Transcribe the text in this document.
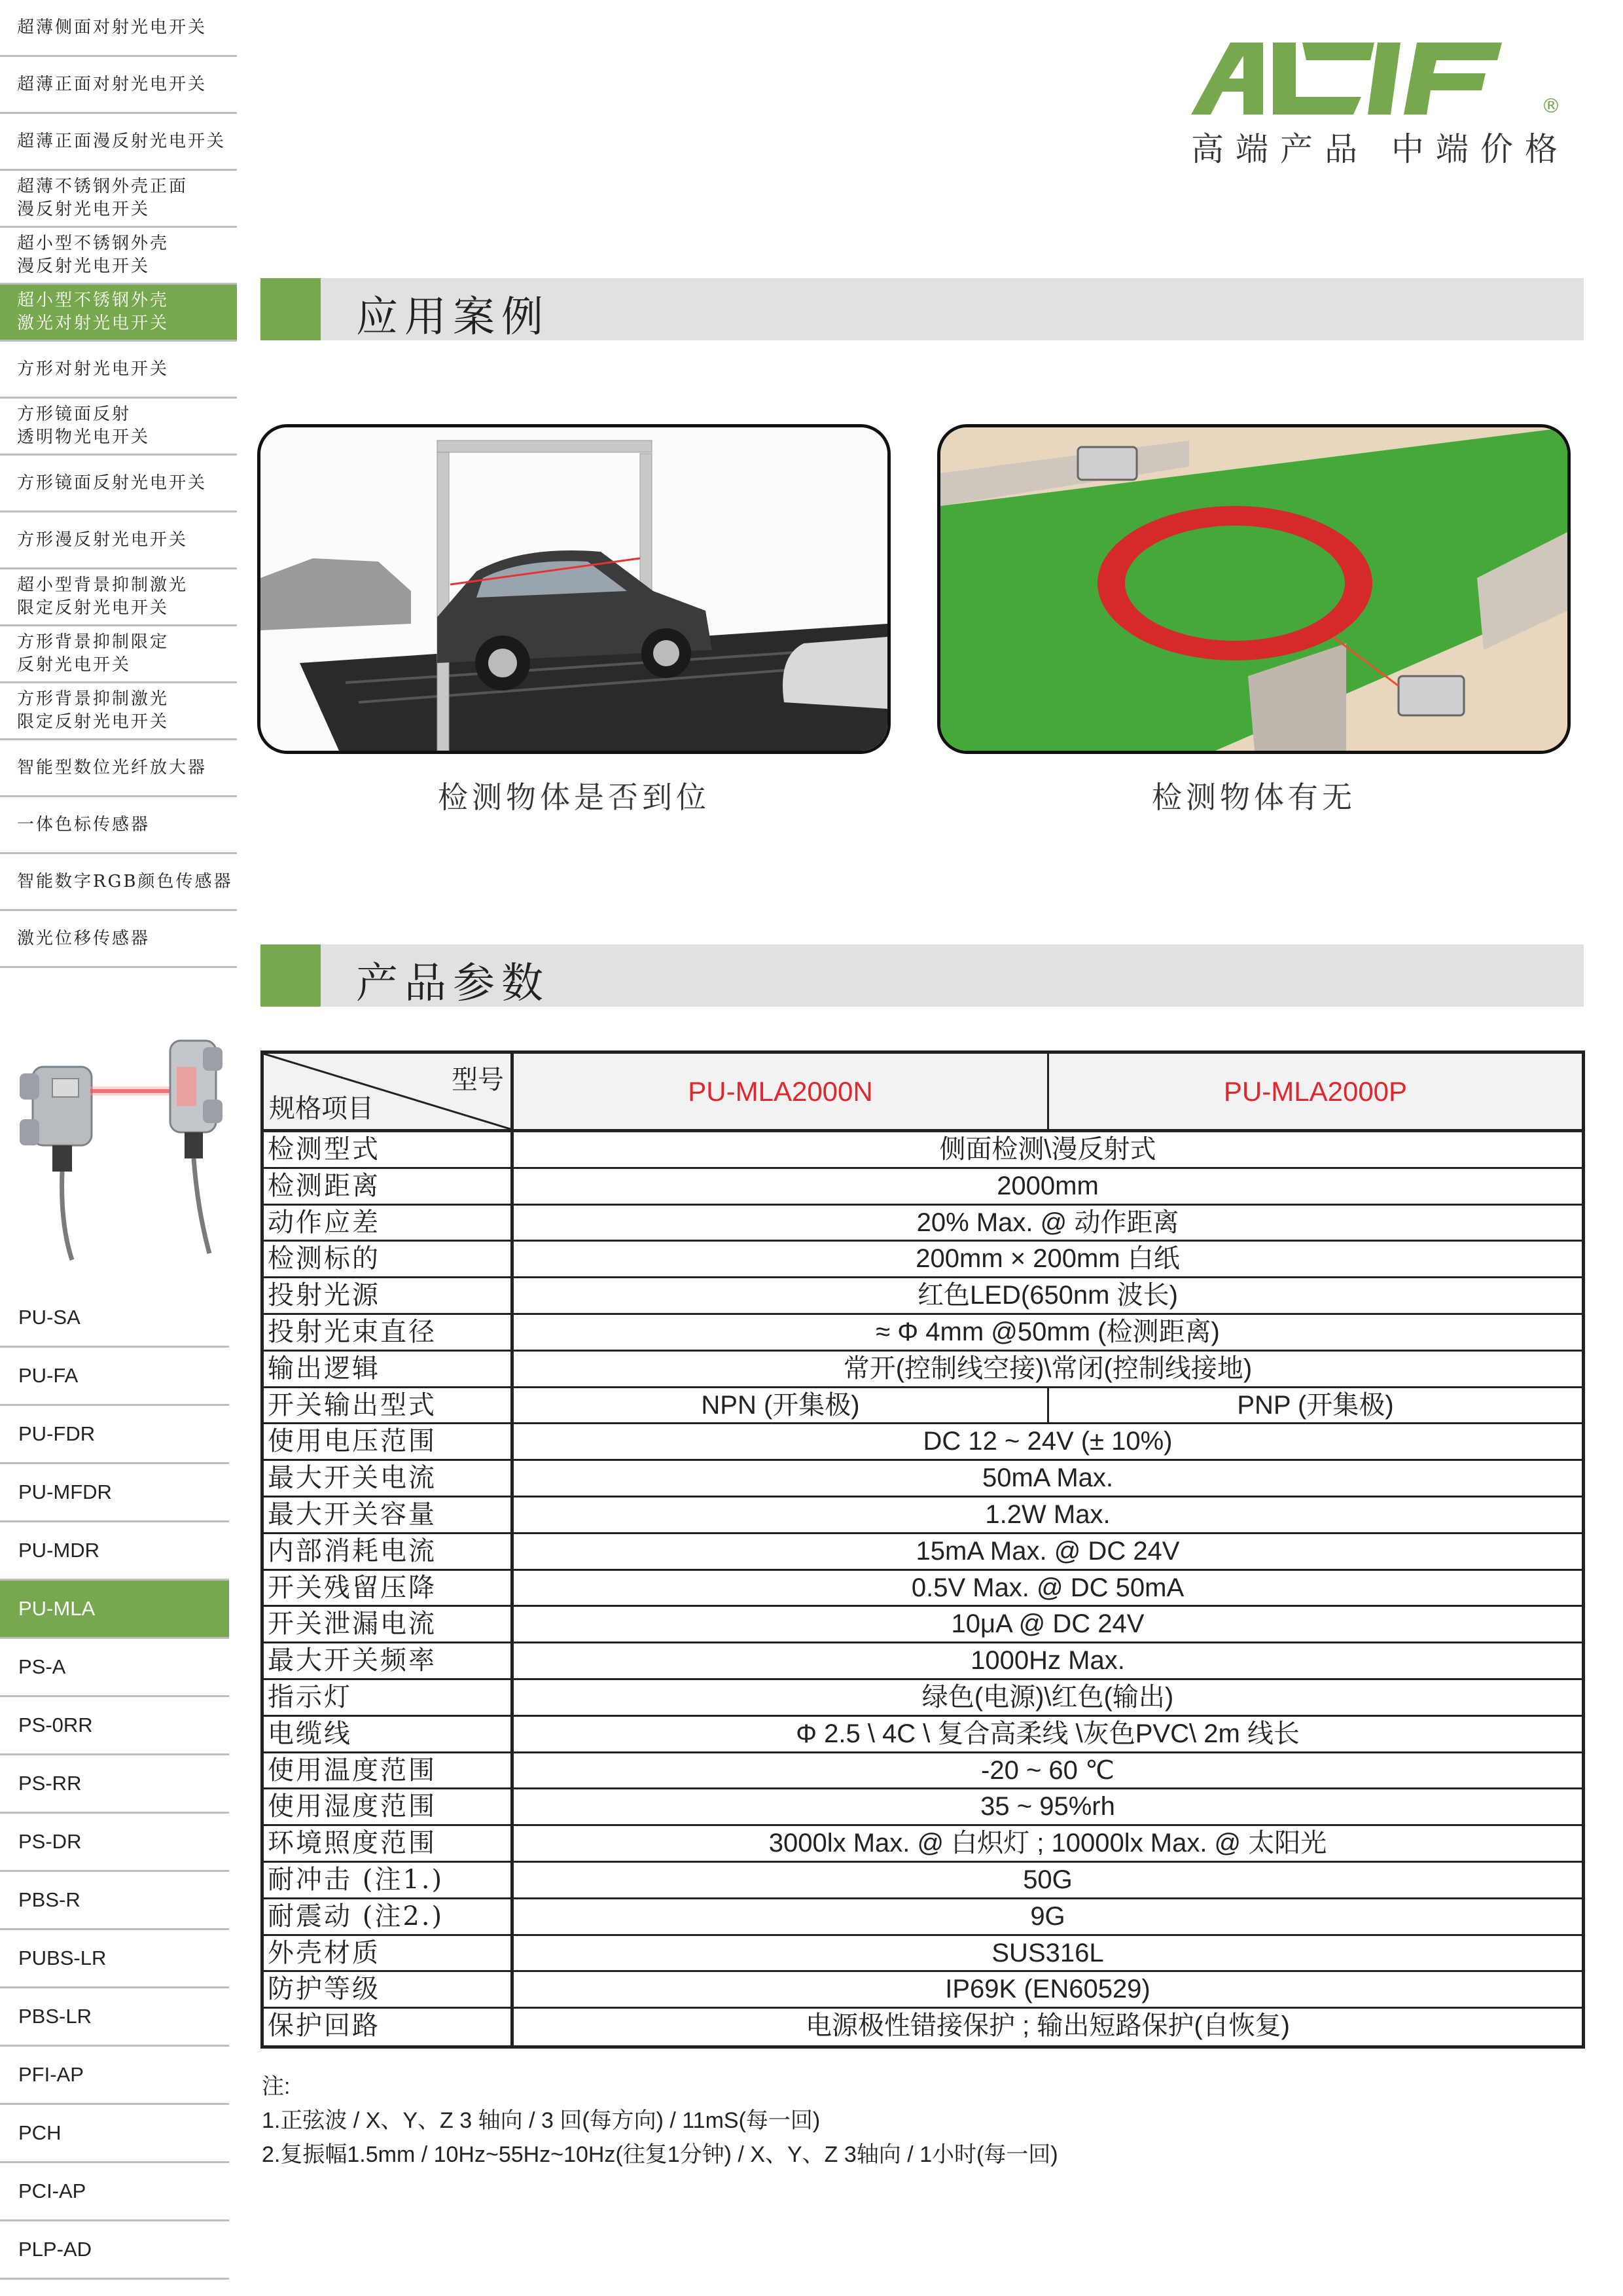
超薄侧面对射光电开关
超薄正面对射光电开关
超薄正面漫反射光电开关
超薄不锈钢外壳正面
漫反射光电开关
超小型不锈钢外壳
漫反射光电开关
超小型不锈钢外壳
激光对射光电开关
方形对射光电开关
方形镜面反射
透明物光电开关
方形镜面反射光电开关
方形漫反射光电开关
超小型背景抑制激光
限定反射光电开关
方形背景抑制限定
反射光电开关
方形背景抑制激光
限定反射光电开关
智能型数位光纤放大器
一体色标传感器
智能数字RGB颜色传感器
激光位移传感器
PU-SA
PU-FA
PU-FDR
PU-MFDR
PU-MDR
PU-MLA
PS-A
PS-0RR
PS-RR
PS-DR
PBS-R
PUBS-LR
PBS-LR
PFI-AP
PCH
PCI-AP
PLP-AD
®
高端产品 中端价格
应用案例
检测物体是否到位	检测物体有无
产品参数
型号
规格项目
PU-MLA2000N	PU-MLA2000P
检测型式	侧面检测\漫反射式
检测距离	2000mm
动作应差	20% Max. @ 动作距离
检测标的	200mm × 200mm 白纸
投射光源	红色LED(650nm 波长)
投射光束直径	≈ Φ 4mm @50mm (检测距离)
输出逻辑	常开(控制线空接)\常闭(控制线接地)
开关输出型式	NPN (开集极)	PNP (开集极)
使用电压范围	DC 12 ~ 24V (± 10%)
最大开关电流	50mA Max.
最大开关容量	1.2W Max.
内部消耗电流	15mA Max. @ DC 24V
开关残留压降	0.5V Max. @ DC 50mA
开关泄漏电流	10μA @ DC 24V
最大开关频率	1000Hz Max.
指示灯	绿色(电源)\红色(输出)
电缆线	Φ 2.5 \ 4C \ 复合高柔线 \灰色PVC\ 2m 线长
使用温度范围	-20 ~ 60 ℃
使用湿度范围	35 ~ 95%rh
环境照度范围	3000lx Max. @ 白炽灯 ; 10000lx Max. @ 太阳光
耐冲击 (注1.)	50G
耐震动 (注2.)	9G
外壳材质	SUS316L
防护等级	IP69K (EN60529)
保护回路	电源极性错接保护 ; 输出短路保护(自恢复)
注:
1.正弦波 / X、Y、Z 3 轴向 / 3 回(每方向) / 11mS(每一回)
2.复振幅1.5mm / 10Hz~55Hz~10Hz(往复1分钟) / X、Y、Z 3轴向 / 1小时(每一回)
